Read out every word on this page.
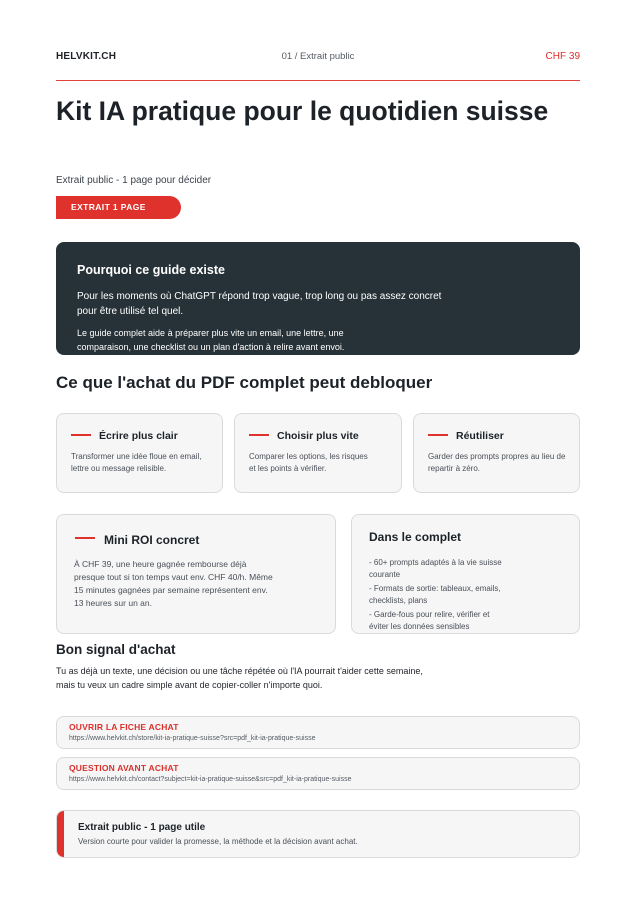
HELVKIT.CH	01 / Extrait public	CHF 39
Kit IA pratique pour le quotidien suisse
Extrait public - 1 page pour décider
EXTRAIT 1 PAGE
Pourquoi ce guide existe

Pour les moments où ChatGPT répond trop vague, trop long ou pas assez concret pour être utilisé tel quel.

Le guide complet aide à préparer plus vite un email, une lettre, une comparaison, une checklist ou un plan d'action à relire avant envoi.

Ce que l'achat du PDF complet peut debloquer
Écrire plus clair
Transformer une idée floue en email, lettre ou message relisible.
Choisir plus vite
Comparer les options, les risques et les points à vérifier.
Réutiliser
Garder des prompts propres au lieu de repartir à zéro.
Mini ROI concret
À CHF 39, une heure gagnée rembourse déjà presque tout si ton temps vaut env. CHF 40/h. Même 15 minutes gagnées par semaine représentent env. 13 heures sur un an.
Dans le complet
- 60+ prompts adaptés à la vie suisse courante
- Formats de sortie: tableaux, emails, checklists, plans
- Garde-fous pour relire, vérifier et éviter les données sensibles
Bon signal d'achat

Tu as déjà un texte, une décision ou une tâche répétée où l'IA pourrait t'aider cette semaine, mais tu veux un cadre simple avant de copier-coller n'importe quoi.

OUVRIR LA FICHE ACHAT
https://www.helvkit.ch/store/kit-ia-pratique-suisse?src=pdf_kit-ia-pratique-suisse
QUESTION AVANT ACHAT
https://www.helvkit.ch/contact?subject=kit-ia-pratique-suisse&src=pdf_kit-ia-pratique-suisse
Extrait public - 1 page utile
Version courte pour valider la promesse, la méthode et la décision avant achat.
